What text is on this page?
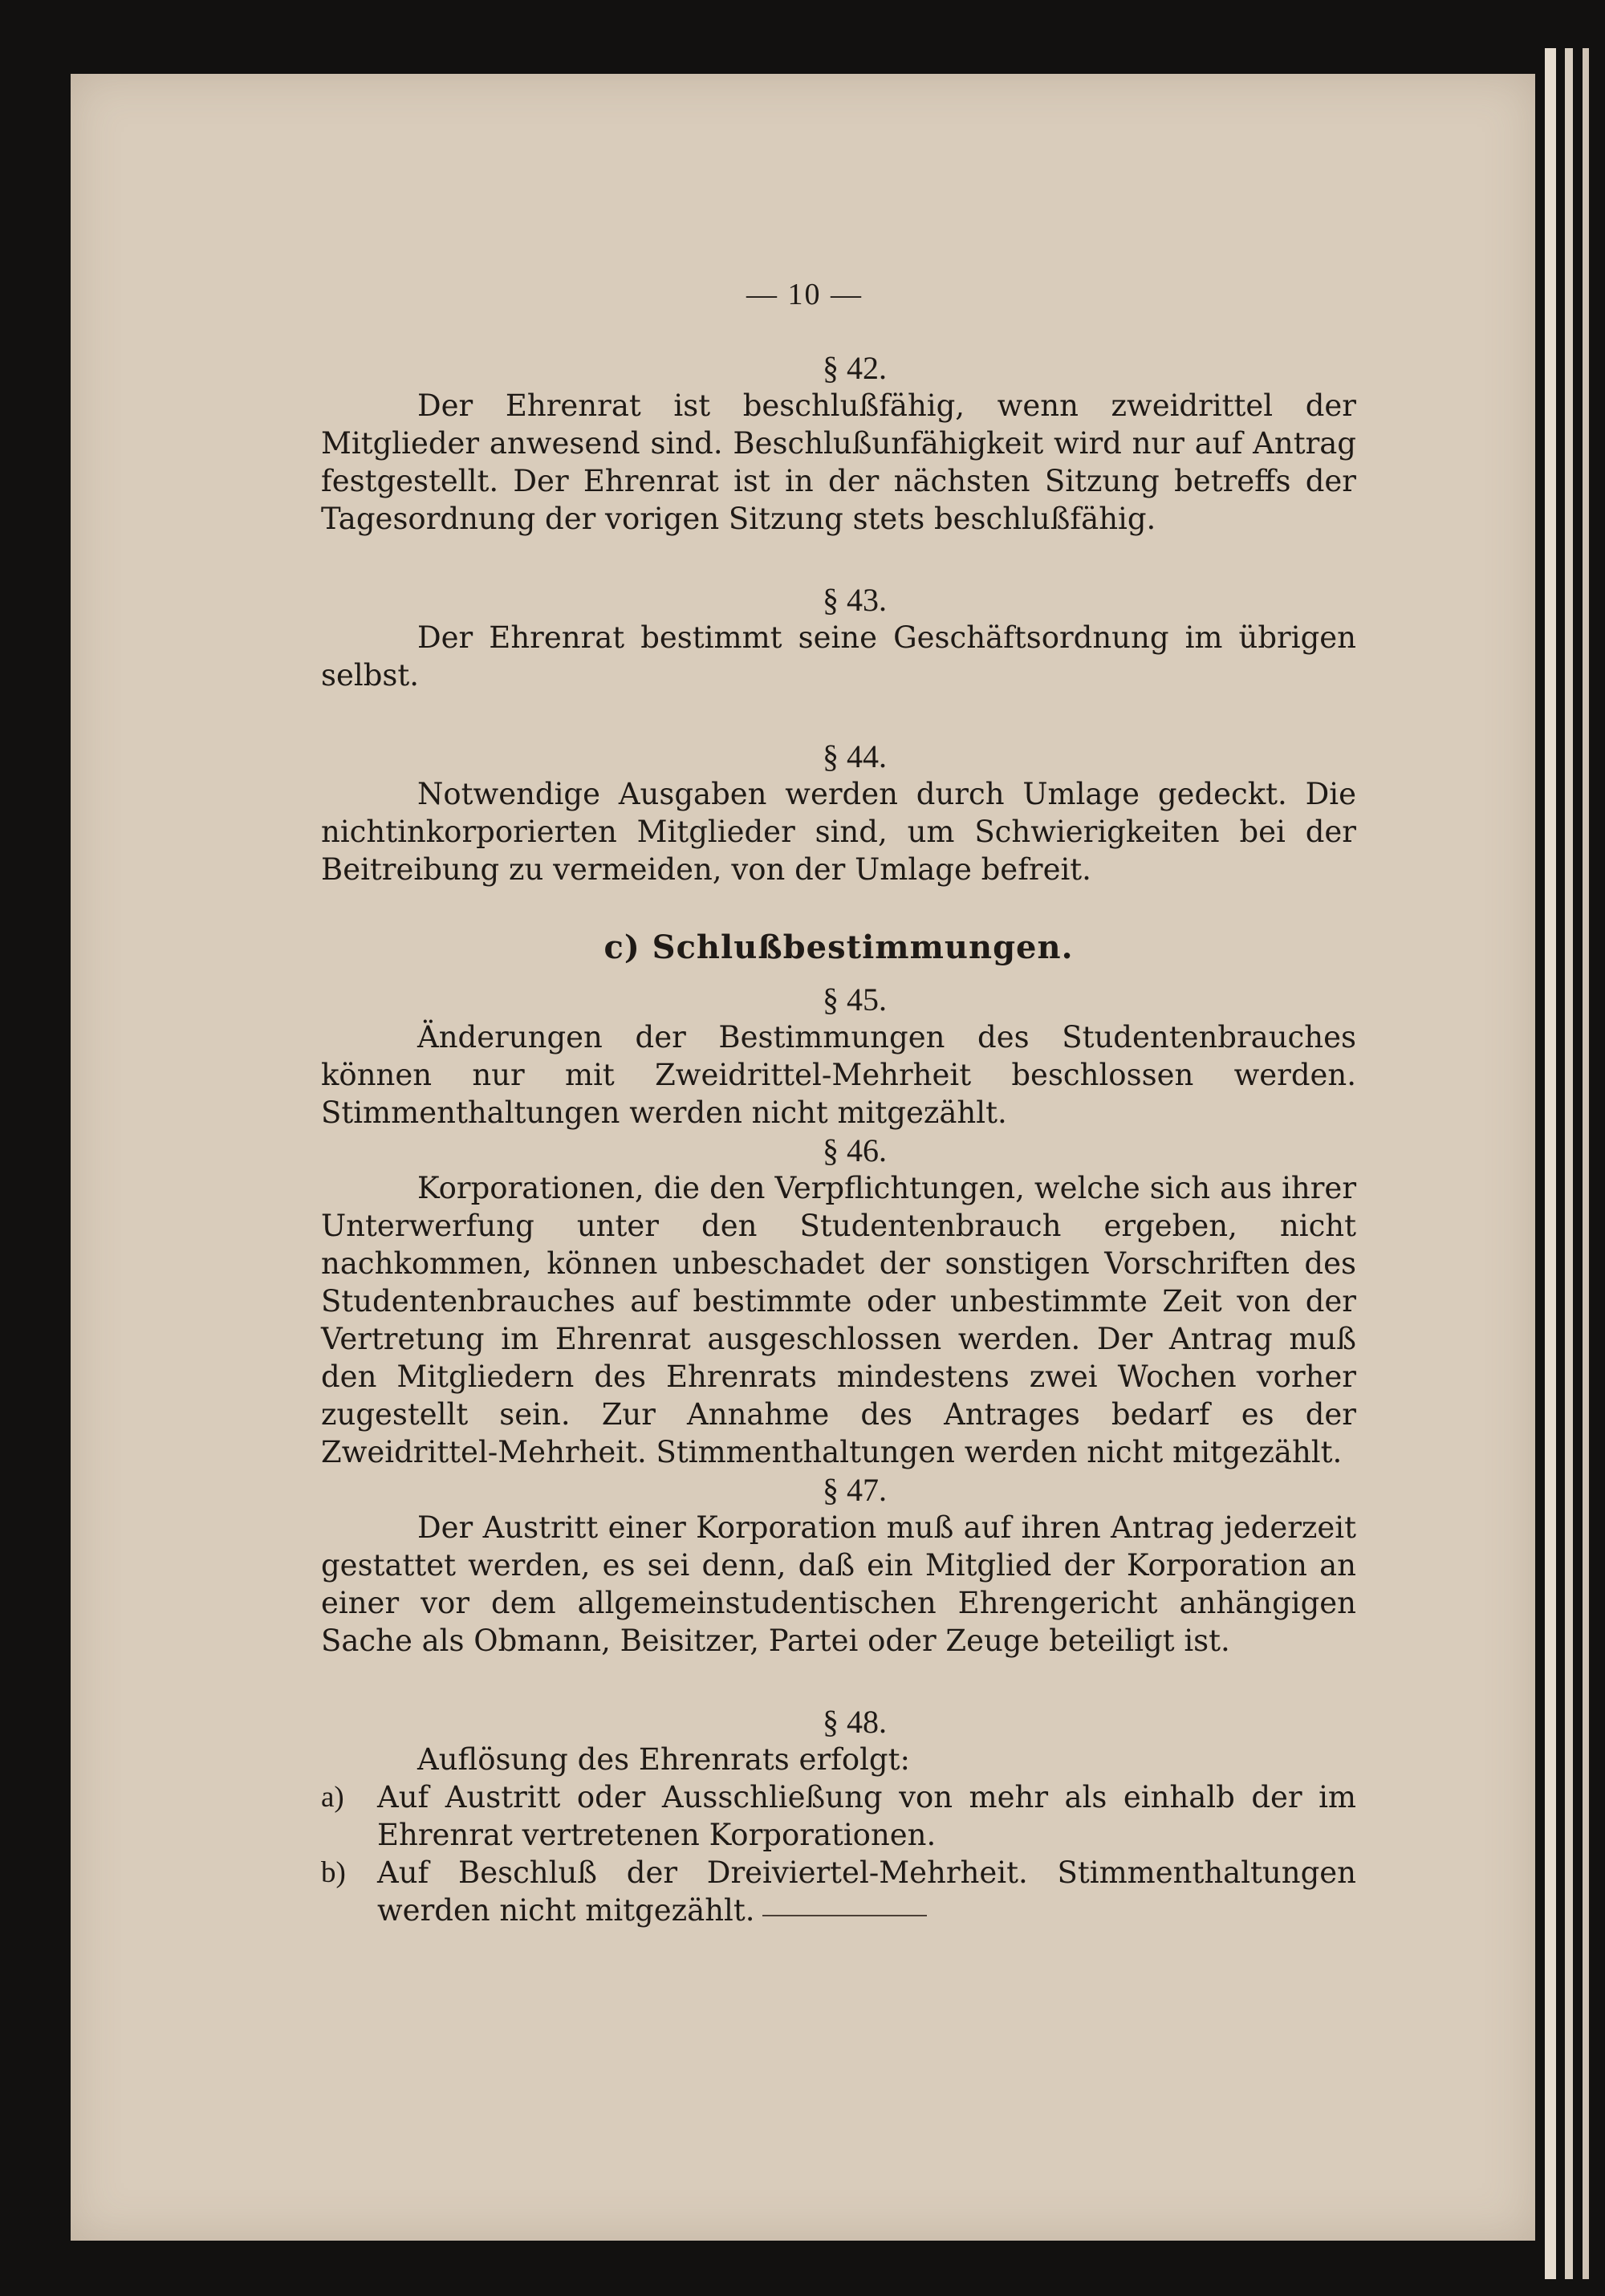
— 10 —

§ 42.

Der Ehrenrat ist beschlußfähig, wenn zweidrittel der Mitglieder anwesend sind. Beschlußunfähigkeit wird nur auf Antrag festgestellt. Der Ehrenrat ist in der nächsten Sitzung betreffs der Tagesordnung der vorigen Sitzung stets beschlußfähig.

§ 43.

Der Ehrenrat bestimmt seine Geschäftsordnung im übrigen selbst.

§ 44.

Notwendige Ausgaben werden durch Umlage gedeckt. Die nichtinkorporierten Mitglieder sind, um Schwierigkeiten bei der Beitreibung zu vermeiden, von der Umlage befreit.

c) Schlußbestimmungen.

§ 45.

Änderungen der Bestimmungen des Studentenbrauches können nur mit Zweidrittel-Mehrheit beschlossen werden. Stimmenthaltungen werden nicht mitgezählt.

§ 46.

Korporationen, die den Verpflichtungen, welche sich aus ihrer Unterwerfung unter den Studentenbrauch ergeben, nicht nachkommen, können unbeschadet der sonstigen Vorschriften des Studentenbrauches auf bestimmte oder unbestimmte Zeit von der Vertretung im Ehrenrat ausgeschlossen werden. Der Antrag muß den Mitgliedern des Ehrenrats mindestens zwei Wochen vorher zugestellt sein. Zur Annahme des Antrages bedarf es der Zweidrittel-Mehrheit. Stimmenthaltungen werden nicht mitgezählt.

§ 47.

Der Austritt einer Korporation muß auf ihren Antrag jederzeit gestattet werden, es sei denn, daß ein Mitglied der Korporation an einer vor dem allgemeinstudentischen Ehrengericht anhängigen Sache als Obmann, Beisitzer, Partei oder Zeuge beteiligt ist.

§ 48.

Auflösung des Ehrenrats erfolgt:

a)	Auf Austritt oder Ausschließung von mehr als einhalb der im Ehrenrat vertretenen Korporationen.
b)	Auf Beschluß der Dreiviertel-Mehrheit. Stimmenthaltungen werden nicht mitgezählt.
